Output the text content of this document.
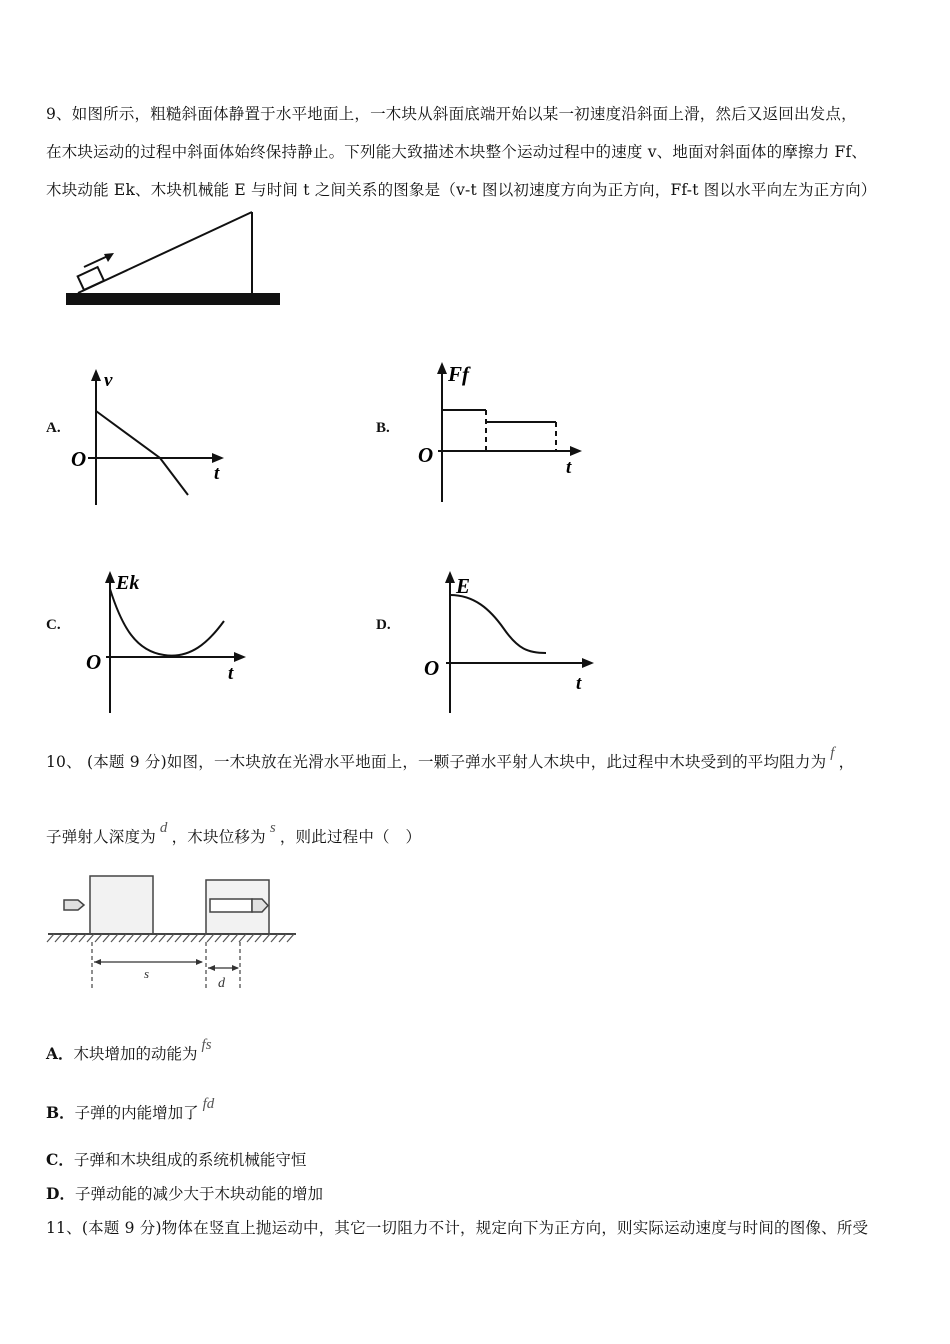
9、如图所示，粗糙斜面体静置于水平地面上，一木块从斜面底端开始以某一初速度沿斜面上滑，然后又返回出发点，
在木块运动的过程中斜面体始终保持静止。下列能大致描述木块整个运动过程中的速度 v、地面对斜面体的摩擦力 Ff、
木块动能 Ek、木块机械能 E 与时间 t 之间关系的图象是（v-t 图以初速度方向为正方向，Ff-t 图以水平向左为正方向）
A.
v
t
O
B.
Ff
t
O
C.
Ek
t
O
D.
E
t
O
10、 (本题 9 分)如图，一木块放在光滑水平地面上，一颗子弹水平射人木块中，此过程中木块受到的平均阻力为 f ，
子弹射人深度为 d ，木块位移为 s ，则此过程中（　）
s
d
A．木块增加的动能为 fs
B．子弹的内能增加了 fd
C．子弹和木块组成的系统机械能守恒
D．子弹动能的减少大于木块动能的增加
11、(本题 9 分)物体在竖直上抛运动中，其它一切阻力不计，规定向下为正方向，则实际运动速度与时间的图像、所受
